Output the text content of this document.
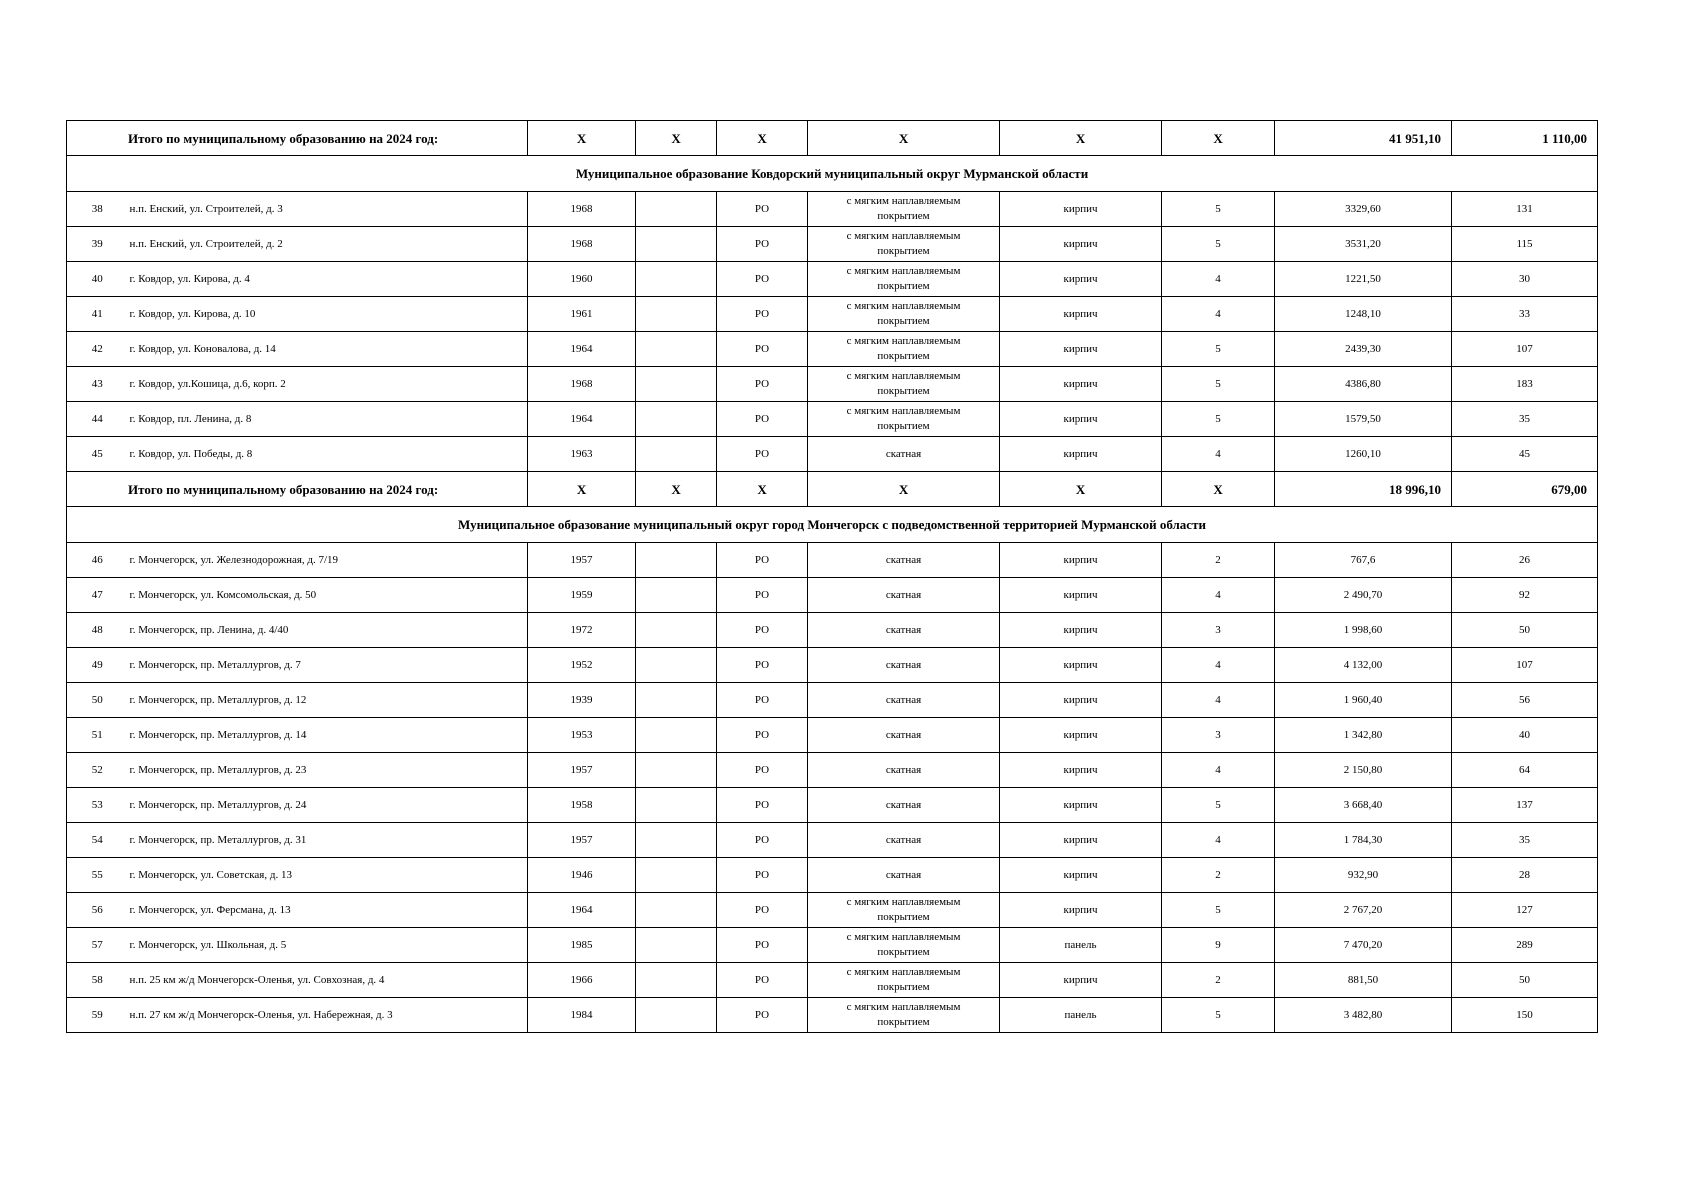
Итого по муниципальному образованию на 2024 год:		X	X	X	X	X	X	41 951,10	1 110,00
Муниципальное образование Ковдорский муниципальный округ Мурманской области									
38	н.п. Енский, ул. Строителей, д. 3	1968		РО	с мягким наплавляемым покрытием	кирпич	5	3329,60	131
39	н.п. Енский, ул. Строителей, д. 2	1968		РО	с мягким наплавляемым покрытием	кирпич	5	3531,20	115
40	г. Ковдор, ул. Кирова, д. 4	1960		РО	с мягким наплавляемым покрытием	кирпич	4	1221,50	30
41	г. Ковдор, ул. Кирова, д. 10	1961		РО	с мягким наплавляемым покрытием	кирпич	4	1248,10	33
42	г. Ковдор, ул. Коновалова, д. 14	1964		РО	с мягким наплавляемым покрытием	кирпич	5	2439,30	107
43	г. Ковдор, ул.Кошица, д.6, корп. 2	1968		РО	с мягким наплавляемым покрытием	кирпич	5	4386,80	183
44	г. Ковдор, пл. Ленина, д. 8	1964		РО	с мягким наплавляемым покрытием	кирпич	5	1579,50	35
45	г. Ковдор, ул. Победы, д. 8	1963		РО	скатная	кирпич	4	1260,10	45
Итого по муниципальному образованию на 2024 год:		X	X	X	X	X	X	18 996,10	679,00
Муниципальное образование муниципальный округ город Мончегорск с подведомственной территорией Мурманской области									
46	г. Мончегорск, ул. Железнодорожная, д. 7/19	1957		РО	скатная	кирпич	2	767,6	26
47	г. Мончегорск, ул. Комсомольская, д. 50	1959		РО	скатная	кирпич	4	2 490,70	92
48	г. Мончегорск, пр. Ленина, д. 4/40	1972		РО	скатная	кирпич	3	1 998,60	50
49	г. Мончегорск, пр. Металлургов, д. 7	1952		РО	скатная	кирпич	4	4 132,00	107
50	г. Мончегорск, пр. Металлургов, д. 12	1939		РО	скатная	кирпич	4	1 960,40	56
51	г. Мончегорск, пр. Металлургов, д. 14	1953		РО	скатная	кирпич	3	1 342,80	40
52	г. Мончегорск, пр. Металлургов, д. 23	1957		РО	скатная	кирпич	4	2 150,80	64
53	г. Мончегорск, пр. Металлургов, д. 24	1958		РО	скатная	кирпич	5	3 668,40	137
54	г. Мончегорск, пр. Металлургов, д. 31	1957		РО	скатная	кирпич	4	1 784,30	35
55	г. Мончегорск, ул. Советская, д. 13	1946		РО	скатная	кирпич	2	932,90	28
56	г. Мончегорск, ул. Ферсмана, д. 13	1964		РО	с мягким наплавляемым покрытием	кирпич	5	2 767,20	127
57	г. Мончегорск, ул. Школьная, д. 5	1985		РО	с мягким наплавляемым покрытием	панель	9	7 470,20	289
58	н.п. 25 км ж/д Мончегорск-Оленья, ул. Совхозная, д. 4	1966		РО	с мягким наплавляемым покрытием	кирпич	2	881,50	50
59	н.п. 27 км ж/д Мончегорск-Оленья, ул. Набережная, д. 3	1984		РО	с мягким наплавляемым покрытием	панель	5	3 482,80	150
